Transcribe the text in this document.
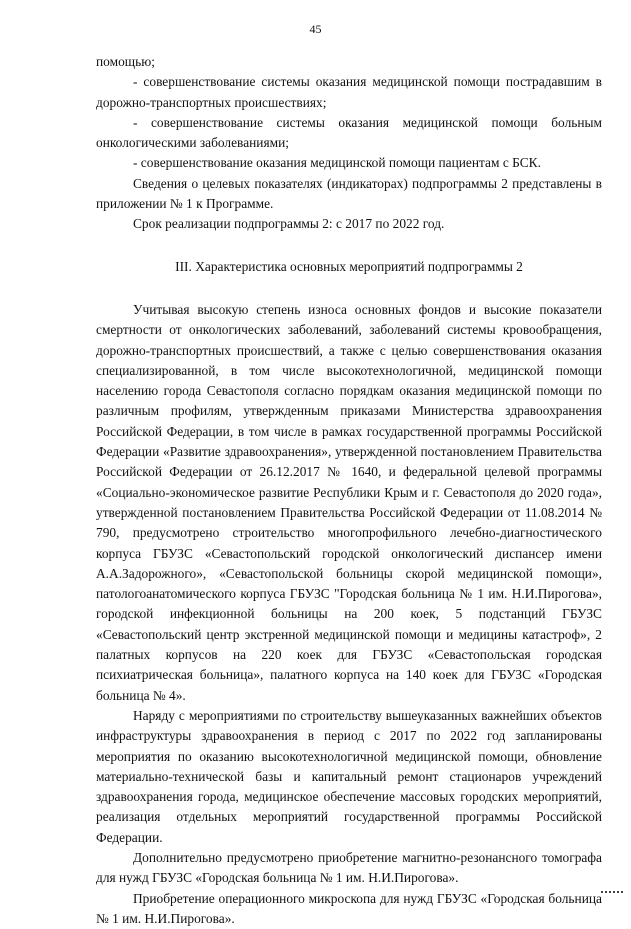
45

помощью;

- совершенствование системы оказания медицинской помощи пострадавшим в дорожно-транспортных происшествиях;

- совершенствование системы оказания медицинской помощи больным онкологическими заболеваниями;

- совершенствование оказания медицинской помощи пациентам с БСК.

Сведения о целевых показателях (индикаторах) подпрограммы 2 представлены в приложении № 1 к Программе.

Срок реализации подпрограммы 2: с 2017 по 2022 год.

III. Характеристика основных мероприятий подпрограммы 2

Учитывая высокую степень износа основных фондов и высокие показатели смертности от онкологических заболеваний, заболеваний системы кровообращения, дорожно-транспортных происшествий, а также с целью совершенствования оказания специализированной, в том числе высокотехнологичной, медицинской помощи населению города Севастополя согласно порядкам оказания медицинской помощи по различным профилям, утвержденным приказами Министерства здравоохранения Российской Федерации, в том числе в рамках государственной программы Российской Федерации «Развитие здравоохранения», утвержденной постановлением Правительства Российской Федерации от 26.12.2017 № 1640, и федеральной целевой программы «Социально-экономическое развитие Республики Крым и г. Севастополя до 2020 года», утвержденной постановлением Правительства Российской Федерации от 11.08.2014 № 790, предусмотрено строительство многопрофильного лечебно-диагностического корпуса ГБУЗС «Севастопольский городской онкологический диспансер имени А.А.Задорожного», «Севастопольской больницы скорой медицинской помощи», патологоанатомического корпуса ГБУЗС "Городская больница № 1 им. Н.И.Пирогова», городской инфекционной больницы на 200 коек, 5 подстанций ГБУЗС «Севастопольский центр экстренной медицинской помощи и медицины катастроф», 2 палатных корпусов на 220 коек для ГБУЗС «Севастопольская городская психиатрическая больница», палатного корпуса на 140 коек для ГБУЗС «Городская больница № 4».

Наряду с мероприятиями по строительству вышеуказанных важнейших объектов инфраструктуры здравоохранения в период с 2017 по 2022 год запланированы мероприятия по оказанию высокотехнологичной медицинской помощи, обновление материально-технической базы и капитальный ремонт стационаров учреждений здравоохранения города, медицинское обеспечение массовых городских мероприятий, реализация отдельных мероприятий государственной программы Российской Федерации.

Дополнительно предусмотрено приобретение магнитно-резонансного томографа для нужд ГБУЗС «Городская больница № 1 им. Н.И.Пирогова».

Приобретение операционного микроскопа для нужд ГБУЗС «Городская больница № 1 им. Н.И.Пирогова».
